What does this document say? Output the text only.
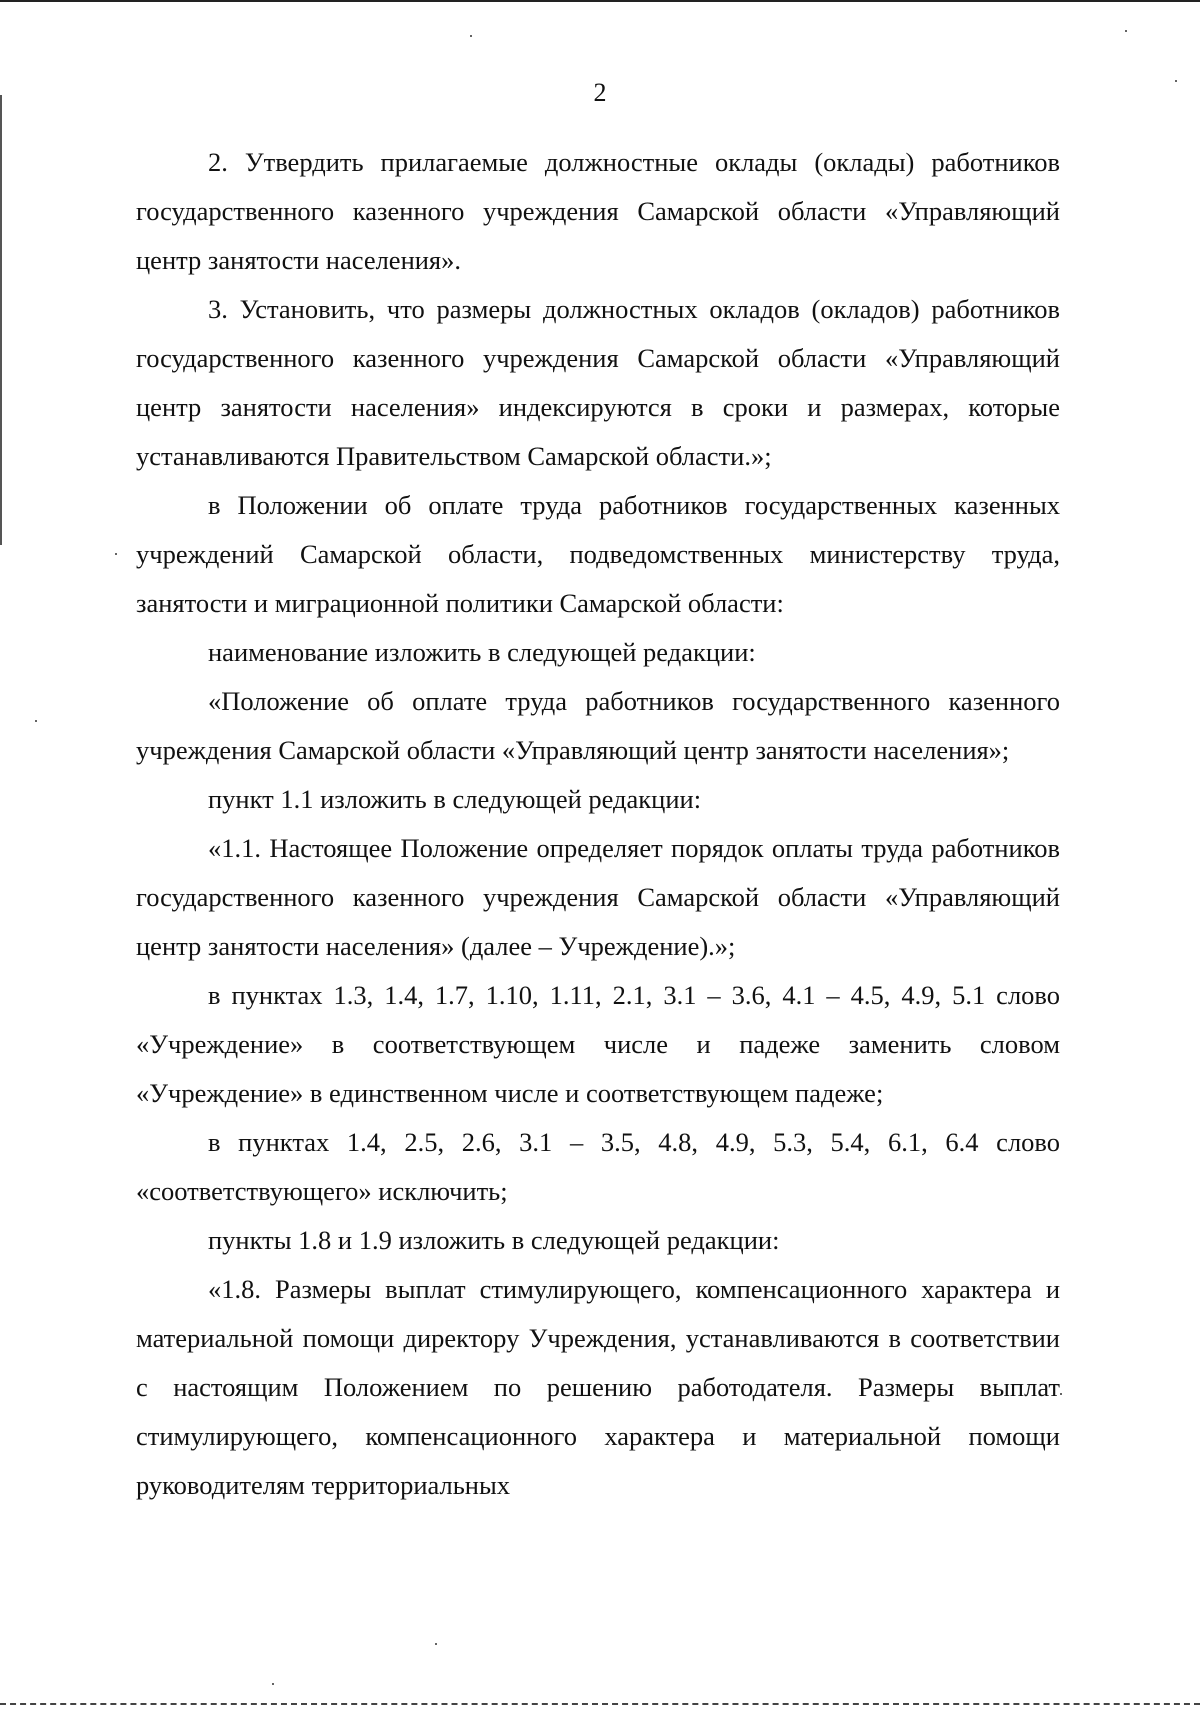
2

2. Утвердить прилагаемые должностные оклады (оклады) работников государственного казенного учреждения Самарской области «Управляющий центр занятости населения».

3. Установить, что размеры должностных окладов (окладов) работников государственного казенного учреждения Самарской области «Управляющий центр занятости населения» индексируются в сроки и размерах, которые устанавливаются Правительством Самарской области.»;

в Положении об оплате труда работников государственных казенных учреждений Самарской области, подведомственных министерству труда, занятости и миграционной политики Самарской области:

наименование изложить в следующей редакции:

«Положение об оплате труда работников государственного казенного учреждения Самарской области «Управляющий центр занятости населения»;

пункт 1.1 изложить в следующей редакции:

«1.1. Настоящее Положение определяет порядок оплаты труда работников государственного казенного учреждения Самарской области «Управляющий центр занятости населения» (далее – Учреждение).»;

в пунктах 1.3, 1.4, 1.7, 1.10, 1.11, 2.1, 3.1 – 3.6, 4.1 – 4.5, 4.9, 5.1 слово «Учреждение» в соответствующем числе и падеже заменить словом «Учреждение» в единственном числе и соответствующем падеже;

в пунктах 1.4, 2.5, 2.6, 3.1 – 3.5, 4.8, 4.9, 5.3, 5.4, 6.1, 6.4 слово «соответствующего» исключить;

пункты 1.8 и 1.9 изложить в следующей редакции:

«1.8. Размеры выплат стимулирующего, компенсационного характера и материальной помощи директору Учреждения, устанавливаются в соответствии с настоящим Положением по решению работодателя. Размеры выплат стимулирующего, компенсационного характера и материальной помощи руководителям территориальных
